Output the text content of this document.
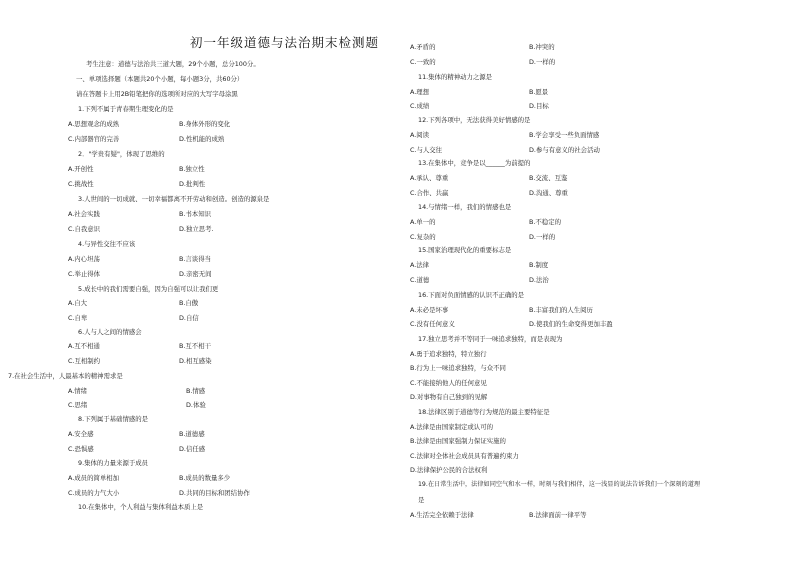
初一年级道德与法治期末检测题
考生注意：道德与法治共三道大题，29个小题，总分100分。
一、单项选择题（本题共20个小题，每小题3分，共60分）
请在答题卡上用2B铅笔把你的选项所对应的大写字母涂黑
1.下列不属于青春期生理变化的是
A.思想观念的成熟	B.身体外形的变化
C.内部器官的完善	D.性机能的成熟
2．"学贵有疑"，体现了思维的
A.开创性	B.独立性
C.挑战性	D.批判性
3.人世间的一切成就、一切幸福都离不开劳动和创造。创造的源泉是
A.社会实践	B.书本知识
C.自我意识	D.独立思考.
4.与异性交往不应该
A.内心坦荡	B.言谈得当
C.举止得体	D.亲密无间
5.成长中的我们需要自强，因为自强可以让我们更
A.自大	B.自傲
C.自卑	D.自信
6.人与人之间的情感会
A.互不相通	B.互不相干
C.互相制约	D.相互感染
7.在社会生活中，人最基本的精神需求是
A.情绪	B.情感
C.思绪	D.体验
8.下列属于基础情感的是
A.安全感	B.道德感
C.恐惧感	D.信任感
9.集体的力量来源于成员
A.成员的简单相加	B.成员的数量多少
C.成员的力气大小	D.共同的目标和团结协作
10.在集体中，个人利益与集体利益本质上是
A.矛盾的	B.冲突的
C.一致的	D.一样的
11.集体的精神动力之源是
A.理想	B.愿景
C.成绩	D.目标
12.下列各项中，无法获得美好情感的是
A.阅读	B.学会享受一些负面情感
C.与人交往	D.参与有意义的社会活动
13.在集体中，竞争是以______为前提的
A.承认、尊重	B.交流、互鉴
C.合作、共赢	D.沟通、尊重
14.与情绪一样，我们的情感也是
A.单一的	B.不稳定的
C.复杂的	D.一样的
15.国家治理现代化的重要标志是
A.法律	B.制度
C.道德	D.法治
16.下面对负面情感的认识不正确的是
A.未必是坏事	B.丰富我们的人生阅历
C.没有任何意义	D.使我们的生命变得更加丰盈
17.独立思考并不等同于一味追求独特，而是表现为
A.勇于追求独特，特立独行
B.行为上一味追求独特，与众不同
C.不能接纳他人的任何意见
D.对事物有自己独到的见解
18.法律区别于道德等行为规范的最主要特征是
A.法律是由国家制定或认可的
B.法律是由国家强制力保证实施的
C.法律对全体社会成员具有普遍约束力
D.法律保护公民的合法权利
19.在日常生活中，法律如同空气和水一样，时刻与我们相伴，这一浅显的说法告诉我们一个深刻的道理
是
A.生活完全依赖于法律	B.法律面前一律平等
